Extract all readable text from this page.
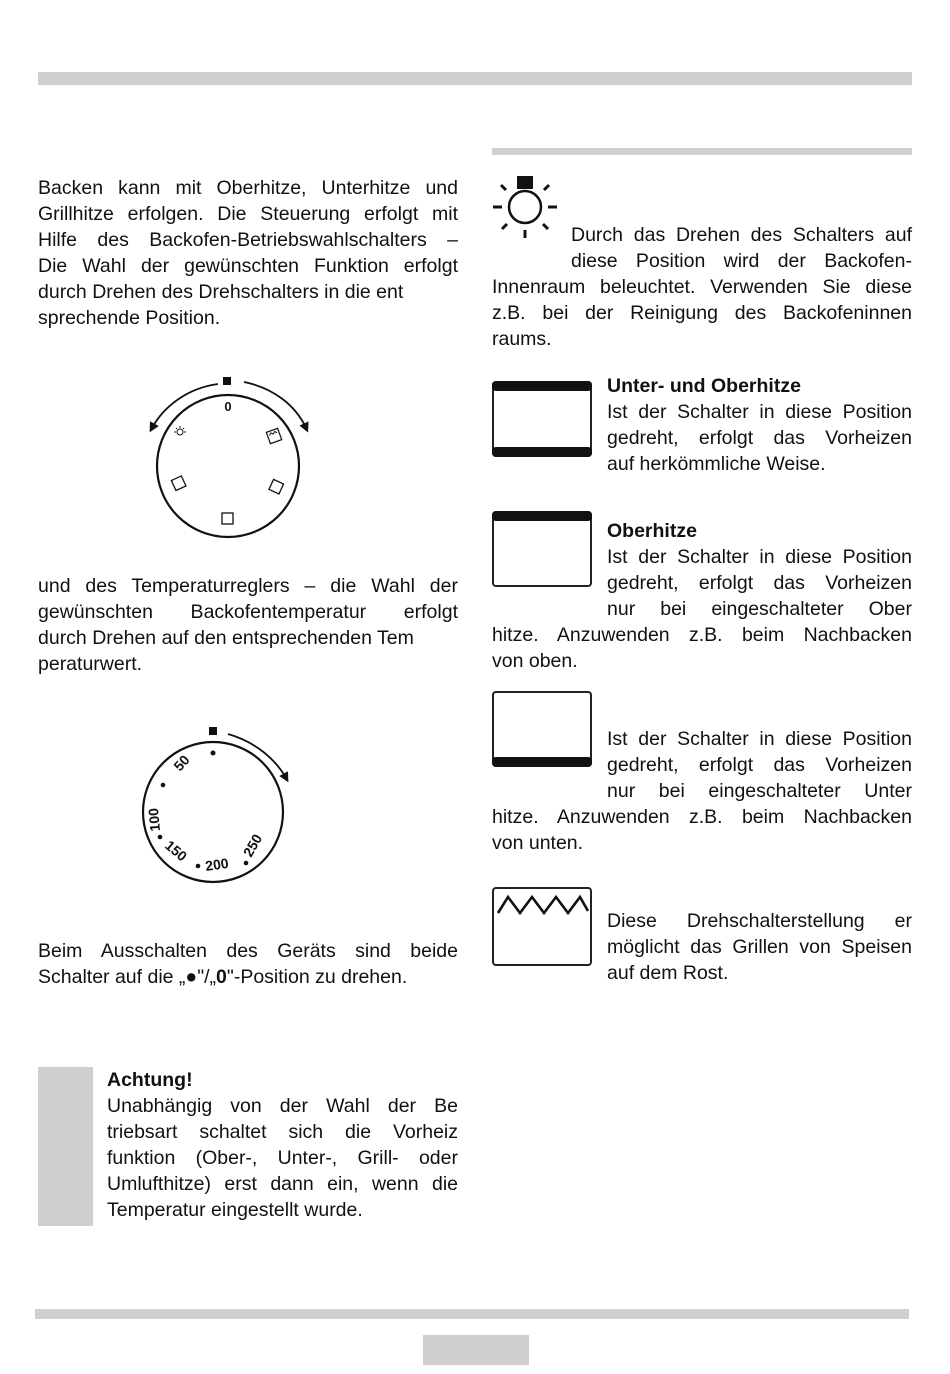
Backen kann mit Oberhitze, Unterhitze und
Grillhitze erfolgen. Die Steuerung erfolgt mit
Hilfe des Backofen-Betriebswahlschalters –
Die Wahl der gewünschten Funktion erfolgt
durch Drehen des Drehschalters in die ent
sprechende Position.
0
und des Temperaturreglers – die Wahl der
gewünschten Backofentemperatur erfolgt
durch Drehen auf den entsprechenden Tem
peraturwert.
50
100
150
200
250
Beim Ausschalten des Geräts sind beide
Schalter auf die „●"/„0"-Position zu drehen.
Achtung!
Unabhängig von der Wahl der Be
triebsart schaltet sich die Vorheiz
funktion (Ober-, Unter-, Grill- oder
Umlufthitze) erst dann ein, wenn die
Temperatur eingestellt wurde.
Durch das Drehen des Schalters auf
diese Position wird der Backofen-
Innenraum beleuchtet. Verwenden Sie diese
z.B. bei der Reinigung des Backofeninnen
raums.
Unter- und Oberhitze
Ist der Schalter in diese Position
gedreht, erfolgt das Vorheizen
auf herkömmliche Weise.
Oberhitze
Ist der Schalter in diese Position
gedreht, erfolgt das Vorheizen
nur bei eingeschalteter Ober
hitze. Anzuwenden z.B. beim Nachbacken
von oben.
Ist der Schalter in diese Position
gedreht, erfolgt das Vorheizen
nur bei eingeschalteter Unter
hitze. Anzuwenden z.B. beim Nachbacken
von unten.
Diese Drehschalterstellung er
möglicht das Grillen von Speisen
auf dem Rost.
